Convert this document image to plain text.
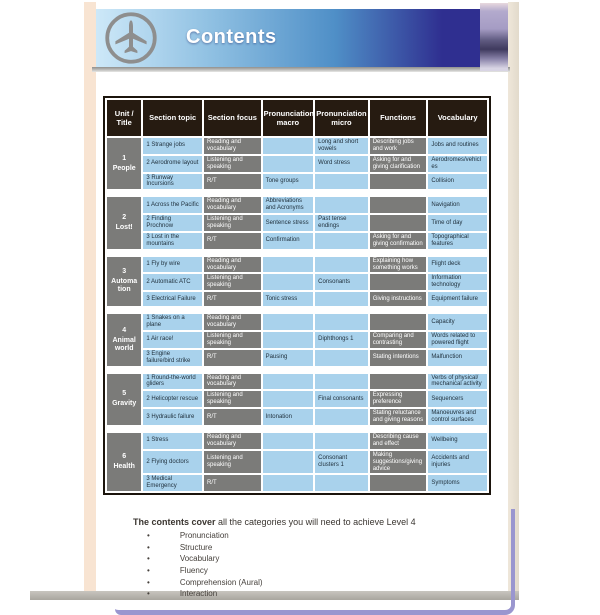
Contents
Unit / Title	Section topic	Section focus	Pronunciation macro	Pronunciation micro	Functions	Vocabulary

1
People	1 Strange jobs	Reading and vocabulary		Long and short vowels	Describing jobs and work	Jobs and routines
	2 Aerodrome layout	Listening and speaking		Word stress	Asking for and giving clarification	Aerodromes/vehicles
	3 Runway Incursions	R/T	Tone groups			Collision

2
Lost!	1 Across the Pacific	Reading and vocabulary	Abbreviations and Acronyms			Navigation
	2 Finding Prochnow	Listening and speaking	Sentence stress	Past tense endings		Time of day
	3 Lost in the mountains	R/T	Confirmation		Asking for and giving confirmation	Topographical features

3
Automation	1 Fly by wire	Reading and vocabulary			Explaining how something works	Flight deck
	2 Automatic ATC	Listening and speaking		Consonants		Information technology
	3 Electrical Failure	R/T	Tonic stress		Giving instructions	Equipment failure

4
Animal world	1 Snakes on a plane	Reading and vocabulary				Capacity
	1 Air race!	Listening and speaking		Diphthongs 1	Comparing and contrasting	Words related to powered flight
	3 Engine failure/bird strike	R/T	Pausing		Stating intentions	Malfunction

5
Gravity	1 Round-the-world gliders	Reading and vocabulary				Verbs of physical/ mechanical activity
	2 Helicopter rescue	Listening and speaking		Final consonants	Expressing preference	Sequencers
	3 Hydraulic failure	R/T	Intonation		Stating reluctance and giving reasons	Manoeuvres and control surfaces

6
Health	1 Stress	Reading and vocabulary			Describing cause and effect	Wellbeing
	2 Flying doctors	Listening and speaking		Consonant clusters 1	Making suggestions/giving advice	Accidents and injuries
	3 Medical Emergency	R/T				Symptoms

The contents cover all the categories you will need to achieve Level 4

•	Pronunciation
•	Structure
•	Vocabulary
•	Fluency
•	Comprehension (Aural)
•	Interaction
